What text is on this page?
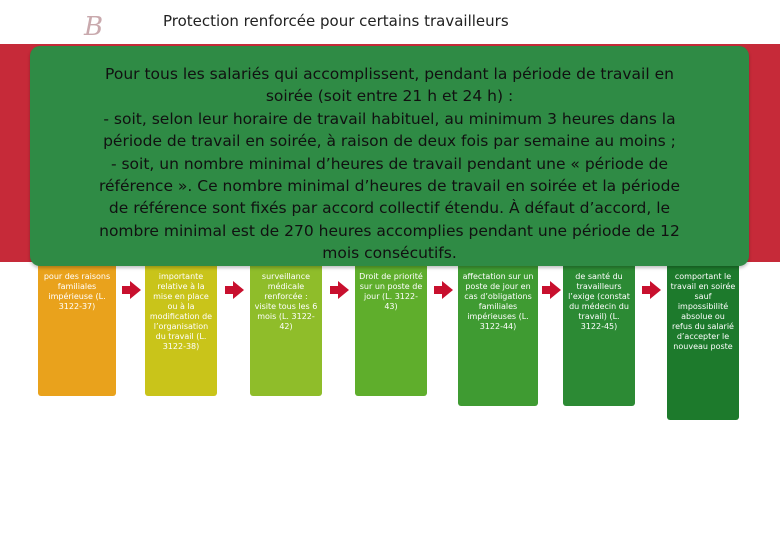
B	Protection renforcée pour certains travailleurs
pour des raisons familiales impérieuse (L. 3122-37)
importante relative à la mise en place ou à la modification de l’organisation du travail (L. 3122-38)
surveillance médicale renforcée : visite tous les 6 mois (L. 3122-42)
Droit de priorité sur un poste de jour (L. 3122-43)
affectation sur un poste de jour en cas d’obligations familiales impérieuses (L. 3122-44)
de santé du travailleurs l’exige (constat du médecin du travail) (L. 3122-45)
comportant le travail en soirée sauf impossibilité absolue ou refus du salarié d’accepter le nouveau poste
Pour tous les salariés qui accomplissent, pendant la période de travail en
soirée (soit entre 21 h et 24 h) :
- soit, selon leur horaire de travail habituel, au minimum 3 heures dans la
période de travail en soirée, à raison de deux fois par semaine au moins ;
- soit, un nombre minimal d’heures de travail pendant une « période de
référence ». Ce nombre minimal d’heures de travail en soirée et la période
de référence sont fixés par accord collectif étendu. À défaut d’accord, le
nombre minimal est de 270 heures accomplies pendant une période de 12
mois consécutifs.
